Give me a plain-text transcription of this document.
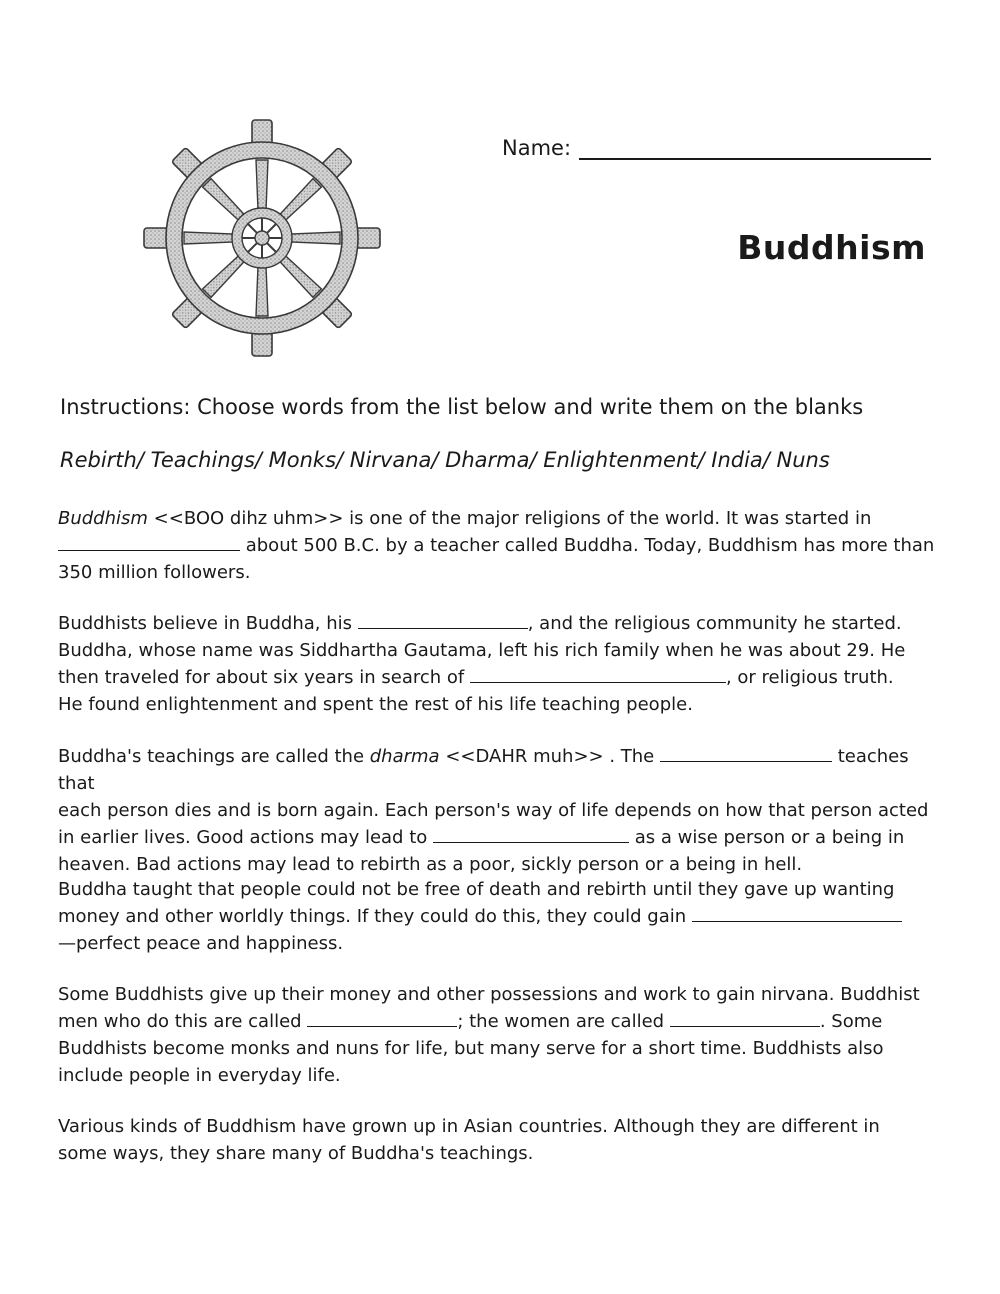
Name:
Buddhism
Instructions: Choose words from the list below and write them on the blanks
Rebirth/ Teachings/ Monks/ Nirvana/ Dharma/ Enlightenment/ India/ Nuns
Buddhism <<BOO dihz uhm>> is one of the major religions of the world. It was started in
about 500 B.C. by a teacher called Buddha. Today, Buddhism has more than
350 million followers.
Buddhists believe in Buddha, his	, and the religious community he started.
Buddha, whose name was Siddhartha Gautama, left his rich family when he was about 29. He
then traveled for about six years in search of	, or religious truth.
He found enlightenment and spent the rest of his life teaching people.
Buddha's teachings are called the dharma <<DAHR muh>> . The	teaches that
each person dies and is born again. Each person's way of life depends on how that person acted
in earlier lives. Good actions may lead to	as a wise person or a being in
heaven. Bad actions may lead to rebirth as a poor, sickly person or a being in hell.
Buddha taught that people could not be free of death and rebirth until they gave up wanting
money and other worldly things. If they could do this, they could gain
—perfect peace and happiness.
Some Buddhists give up their money and other possessions and work to gain nirvana. Buddhist
men who do this are called	; the women are called	. Some
Buddhists become monks and nuns for life, but many serve for a short time. Buddhists also
include people in everyday life.
Various kinds of Buddhism have grown up in Asian countries. Although they are different in
some ways, they share many of Buddha's teachings.
